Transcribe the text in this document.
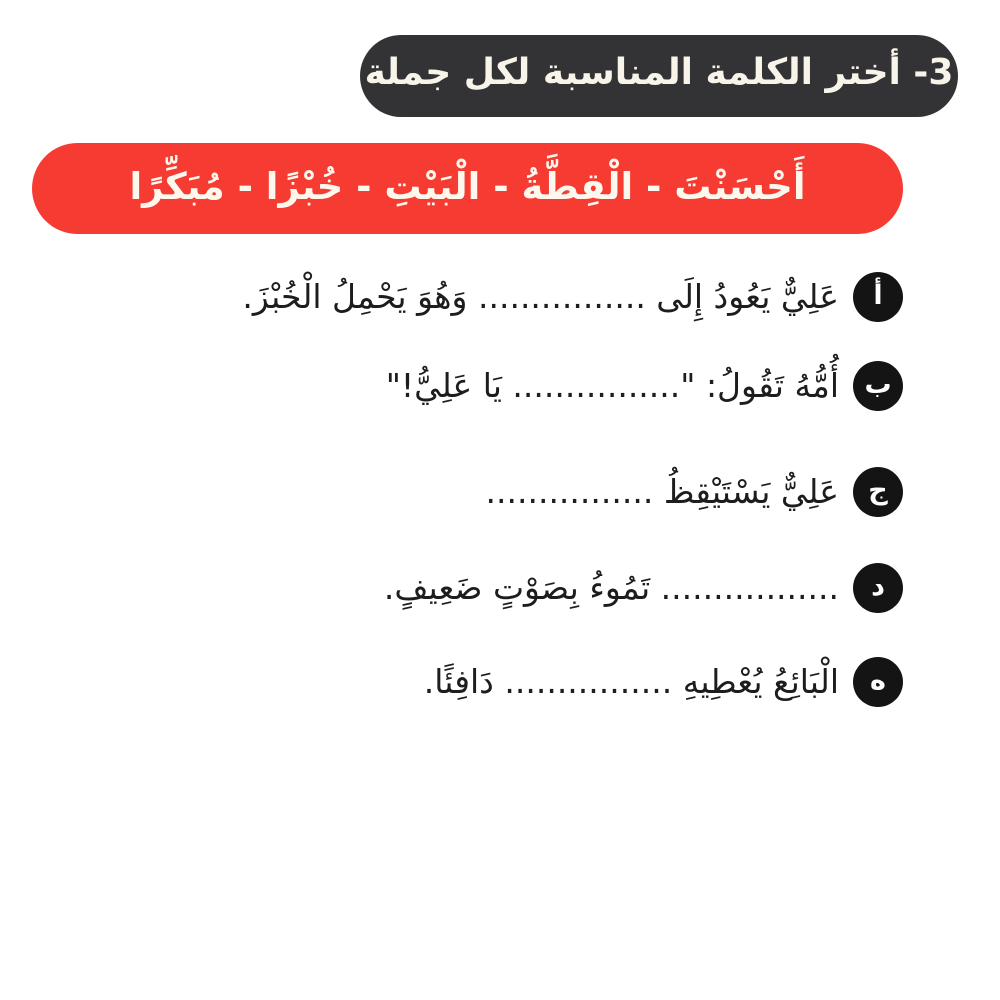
3- أختر الكلمة المناسبة لكل جملة
أَحْسَنْتَ - الْقِطَّةُ - الْبَيْتِ - خُبْزًا - مُبَكِّرًا
أ
عَلِيٌّ يَعُودُ إِلَى ................ وَهُوَ يَحْمِلُ الْخُبْزَ.
ب
أُمُّهُ تَقُولُ: "................ يَا عَلِيُّ!"
ج
عَلِيٌّ يَسْتَيْقِظُ ................
د
................. تَمُوءُ بِصَوْتٍ ضَعِيفٍ.
ه
الْبَائِعُ يُعْطِيهِ ................ دَافِئًا.
